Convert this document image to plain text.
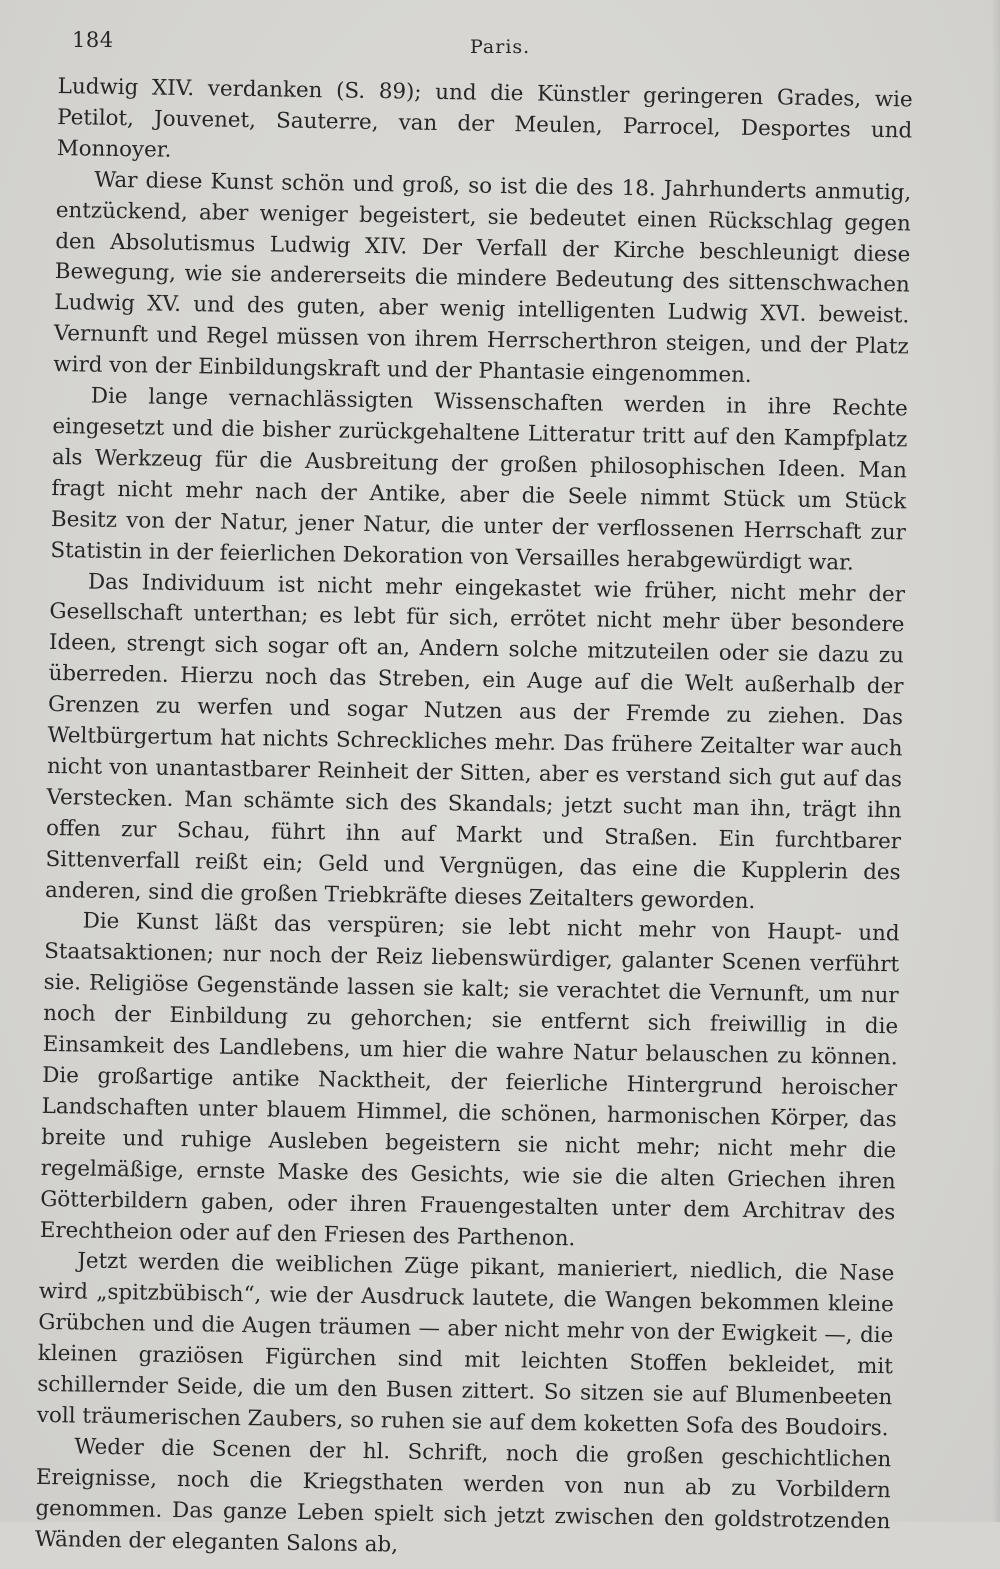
184	Paris.

Ludwig XIV. verdanken (S. 89); und die Künstler geringeren Grades, wie Petilot, Jouvenet, Sauterre, van der Meulen, Parrocel, Desportes und Monnoyer.

War diese Kunst schön und groß, so ist die des 18. Jahrhunderts anmutig, entzückend, aber weniger begeistert, sie bedeutet einen Rückschlag gegen den Absolutismus Ludwig XIV. Der Verfall der Kirche beschleunigt diese Bewegung, wie sie andererseits die mindere Bedeutung des sittenschwachen Ludwig XV. und des guten, aber wenig intelligenten Ludwig XVI. beweist. Vernunft und Regel müssen von ihrem Herrscherthron steigen, und der Platz wird von der Einbildungskraft und der Phantasie eingenommen.

Die lange vernachlässigten Wissenschaften werden in ihre Rechte eingesetzt und die bisher zurückgehaltene Litteratur tritt auf den Kampfplatz als Werkzeug für die Ausbreitung der großen philosophischen Ideen. Man fragt nicht mehr nach der Antike, aber die Seele nimmt Stück um Stück Besitz von der Natur, jener Natur, die unter der verflossenen Herrschaft zur Statistin in der feierlichen Dekoration von Versailles herabgewürdigt war.

Das Individuum ist nicht mehr eingekastet wie früher, nicht mehr der Gesellschaft unterthan; es lebt für sich, errötet nicht mehr über besondere Ideen, strengt sich sogar oft an, Andern solche mitzuteilen oder sie dazu zu überreden. Hierzu noch das Streben, ein Auge auf die Welt außerhalb der Grenzen zu werfen und sogar Nutzen aus der Fremde zu ziehen. Das Weltbürgertum hat nichts Schreckliches mehr. Das frühere Zeitalter war auch nicht von unantastbarer Reinheit der Sitten, aber es verstand sich gut auf das Verstecken. Man schämte sich des Skandals; jetzt sucht man ihn, trägt ihn offen zur Schau, führt ihn auf Markt und Straßen. Ein furchtbarer Sittenverfall reißt ein; Geld und Vergnügen, das eine die Kupplerin des anderen, sind die großen Triebkräfte dieses Zeitalters geworden.

Die Kunst läßt das verspüren; sie lebt nicht mehr von Haupt- und Staatsaktionen; nur noch der Reiz liebenswürdiger, galanter Scenen verführt sie. Religiöse Gegenstände lassen sie kalt; sie verachtet die Vernunft, um nur noch der Einbildung zu gehorchen; sie entfernt sich freiwillig in die Einsamkeit des Landlebens, um hier die wahre Natur belauschen zu können. Die großartige antike Nacktheit, der feierliche Hintergrund heroischer Landschaften unter blauem Himmel, die schönen, harmonischen Körper, das breite und ruhige Ausleben begeistern sie nicht mehr; nicht mehr die regelmäßige, ernste Maske des Gesichts, wie sie die alten Griechen ihren Götterbildern gaben, oder ihren Frauengestalten unter dem Architrav des Erechtheion oder auf den Friesen des Parthenon.

Jetzt werden die weiblichen Züge pikant, manieriert, niedlich, die Nase wird „spitzbübisch“, wie der Ausdruck lautete, die Wangen bekommen kleine Grübchen und die Augen träumen — aber nicht mehr von der Ewigkeit —, die kleinen graziösen Figürchen sind mit leichten Stoffen bekleidet, mit schillernder Seide, die um den Busen zittert. So sitzen sie auf Blumenbeeten voll träumerischen Zaubers, so ruhen sie auf dem koketten Sofa des Boudoirs.

Weder die Scenen der hl. Schrift, noch die großen geschichtlichen Ereignisse, noch die Kriegsthaten werden von nun ab zu Vorbildern genommen. Das ganze Leben spielt sich jetzt zwischen den goldstrotzenden Wänden der eleganten Salons ab,
